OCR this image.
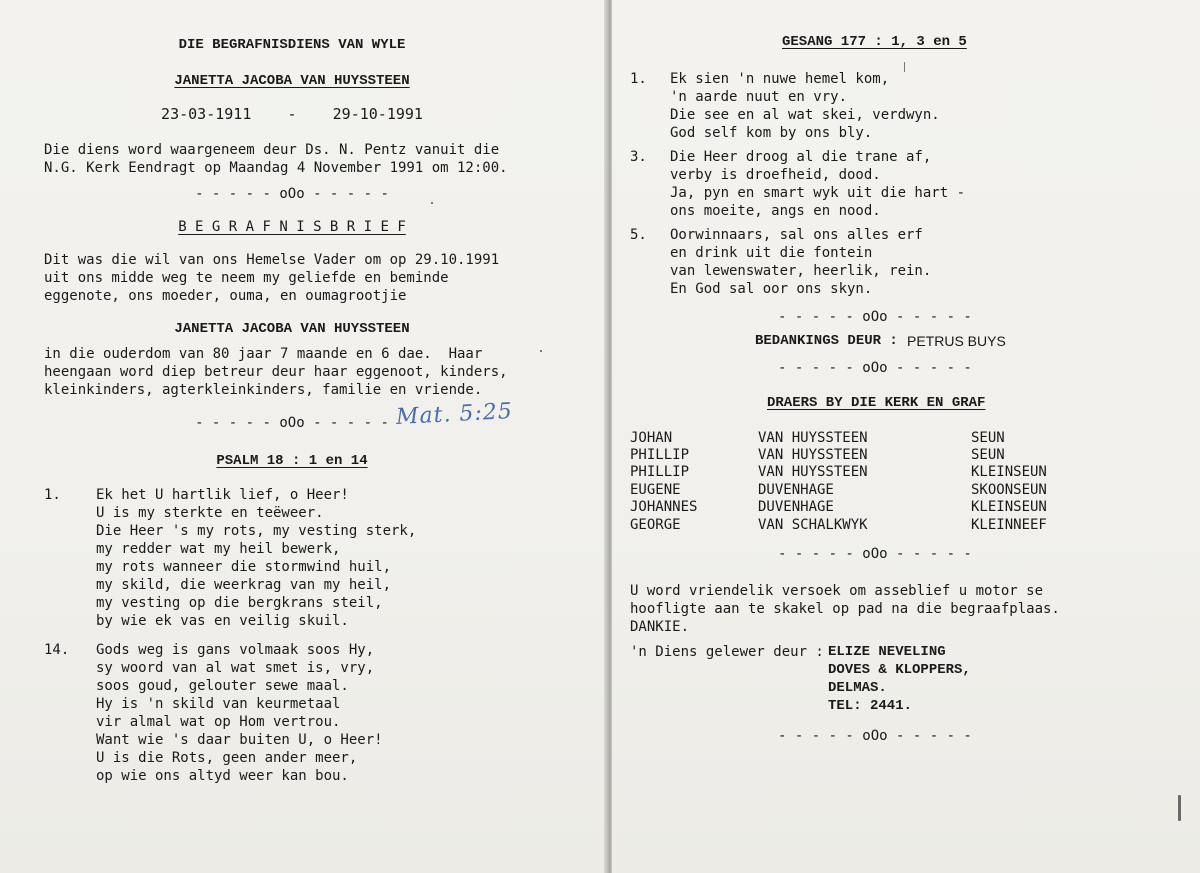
DIE BEGRAFNISDIENS VAN WYLE
JANETTA JACOBA VAN HUYSSTEEN
23-03-1911    -    29-10-1991
Die diens word waargeneem deur Ds. N. Pentz vanuit die
N.G. Kerk Eendragt op Maandag 4 November 1991 om 12:00.
- - - - - oOo - - - - -
B E G R A F N I S B R I E F
Dit was die wil van ons Hemelse Vader om op 29.10.1991
uit ons midde weg te neem my geliefde en beminde
eggenote, ons moeder, ouma, en oumagrootjie
JANETTA JACOBA VAN HUYSSTEEN
in die ouderdom van 80 jaar 7 maande en 6 dae.  Haar
heengaan word diep betreur deur haar eggenoot, kinders,
kleinkinders, agterkleinkinders, familie en vriende.
- - - - - oOo - - - - - Mat. 5:25
PSALM 18 : 1 en 14
1.	Ek het U hartlik lief, o Heer!
U is my sterkte en teëweer.
Die Heer 's my rots, my vesting sterk,
my redder wat my heil bewerk,
my rots wanneer die stormwind huil,
my skild, die weerkrag van my heil,
my vesting op die bergkrans steil,
by wie ek vas en veilig skuil.
14. Gods weg is gans volmaak soos Hy,
sy woord van al wat smet is, vry,
soos goud, gelouter sewe maal.
Hy is 'n skild van keurmetaal
vir almal wat op Hom vertrou.
Want wie 's daar buiten U, o Heer!
U is die Rots, geen ander meer,
op wie ons altyd weer kan bou.
GESANG 177 : 1, 3 en 5
1. Ek sien 'n nuwe hemel kom,
'n aarde nuut en vry.
Die see en al wat skei, verdwyn.
God self kom by ons bly.
3. Die Heer droog al die trane af,
verby is droefheid, dood.
Ja, pyn en smart wyk uit die hart -
ons moeite, angs en nood.
5. Oorwinnaars, sal ons alles erf
en drink uit die fontein
van lewenswater, heerlik, rein.
En God sal oor ons skyn.
- - - - - oOo - - - - -
BEDANKINGS DEUR : PETRUS BUYS
- - - - - oOo - - - - -
DRAERS BY DIE KERK EN GRAF
JOHAN	VAN HUYSSTEEN	SEUN
PHILLIP	VAN HUYSSTEEN	SEUN
PHILLIP	VAN HUYSSTEEN	KLEINSEUN
EUGENE	DUVENHAGE	SKOONSEUN
JOHANNES	DUVENHAGE	KLEINSEUN
GEORGE	VAN SCHALKWYK	KLEINNEEF
- - - - - oOo - - - - -
U word vriendelik versoek om asseblief u motor se
hoofligte aan te skakel op pad na die begraafplaas.
DANKIE.
'n Diens gelewer deur : ELIZE NEVELING
DOVES & KLOPPERS,
DELMAS.
TEL: 2441.
- - - - - oOo - - - - -
